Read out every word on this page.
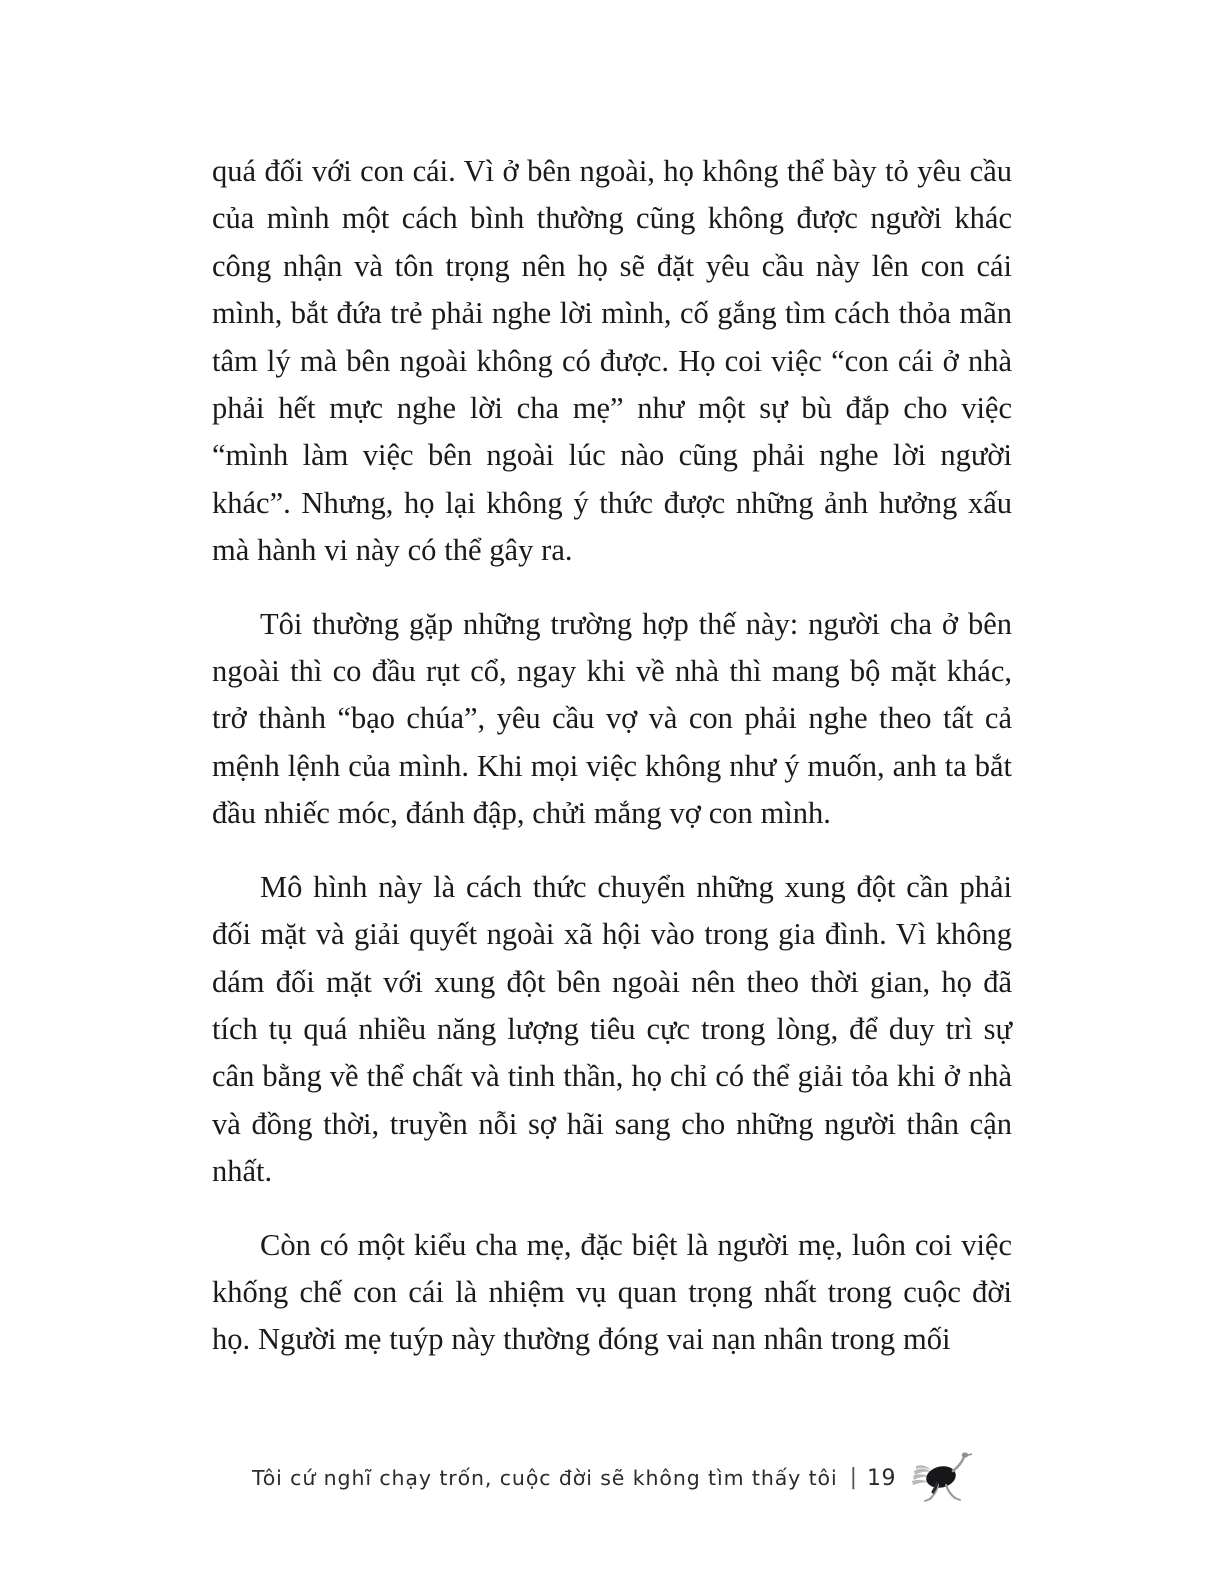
quá đối với con cái. Vì ở bên ngoài, họ không thể bày tỏ yêu cầu của mình một cách bình thường cũng không được người khác công nhận và tôn trọng nên họ sẽ đặt yêu cầu này lên con cái mình, bắt đứa trẻ phải nghe lời mình, cố gắng tìm cách thỏa mãn tâm lý mà bên ngoài không có được. Họ coi việc “con cái ở nhà phải hết mực nghe lời cha mẹ” như một sự bù đắp cho việc “mình làm việc bên ngoài lúc nào cũng phải nghe lời người khác”. Nhưng, họ lại không ý thức được những ảnh hưởng xấu mà hành vi này có thể gây ra.

Tôi thường gặp những trường hợp thế này: người cha ở bên ngoài thì co đầu rụt cổ, ngay khi về nhà thì mang bộ mặt khác, trở thành “bạo chúa”, yêu cầu vợ và con phải nghe theo tất cả mệnh lệnh của mình. Khi mọi việc không như ý muốn, anh ta bắt đầu nhiếc móc, đánh đập, chửi mắng vợ con mình.

Mô hình này là cách thức chuyển những xung đột cần phải đối mặt và giải quyết ngoài xã hội vào trong gia đình. Vì không dám đối mặt với xung đột bên ngoài nên theo thời gian, họ đã tích tụ quá nhiều năng lượng tiêu cực trong lòng, để duy trì sự cân bằng về thể chất và tinh thần, họ chỉ có thể giải tỏa khi ở nhà và đồng thời, truyền nỗi sợ hãi sang cho những người thân cận nhất.

Còn có một kiểu cha mẹ, đặc biệt là người mẹ, luôn coi việc khống chế con cái là nhiệm vụ quan trọng nhất trong cuộc đời họ. Người mẹ tuýp này thường đóng vai nạn nhân trong mối

Tôi cứ nghĩ chạy trốn, cuộc đời sẽ không tìm thấy tôi | 19
